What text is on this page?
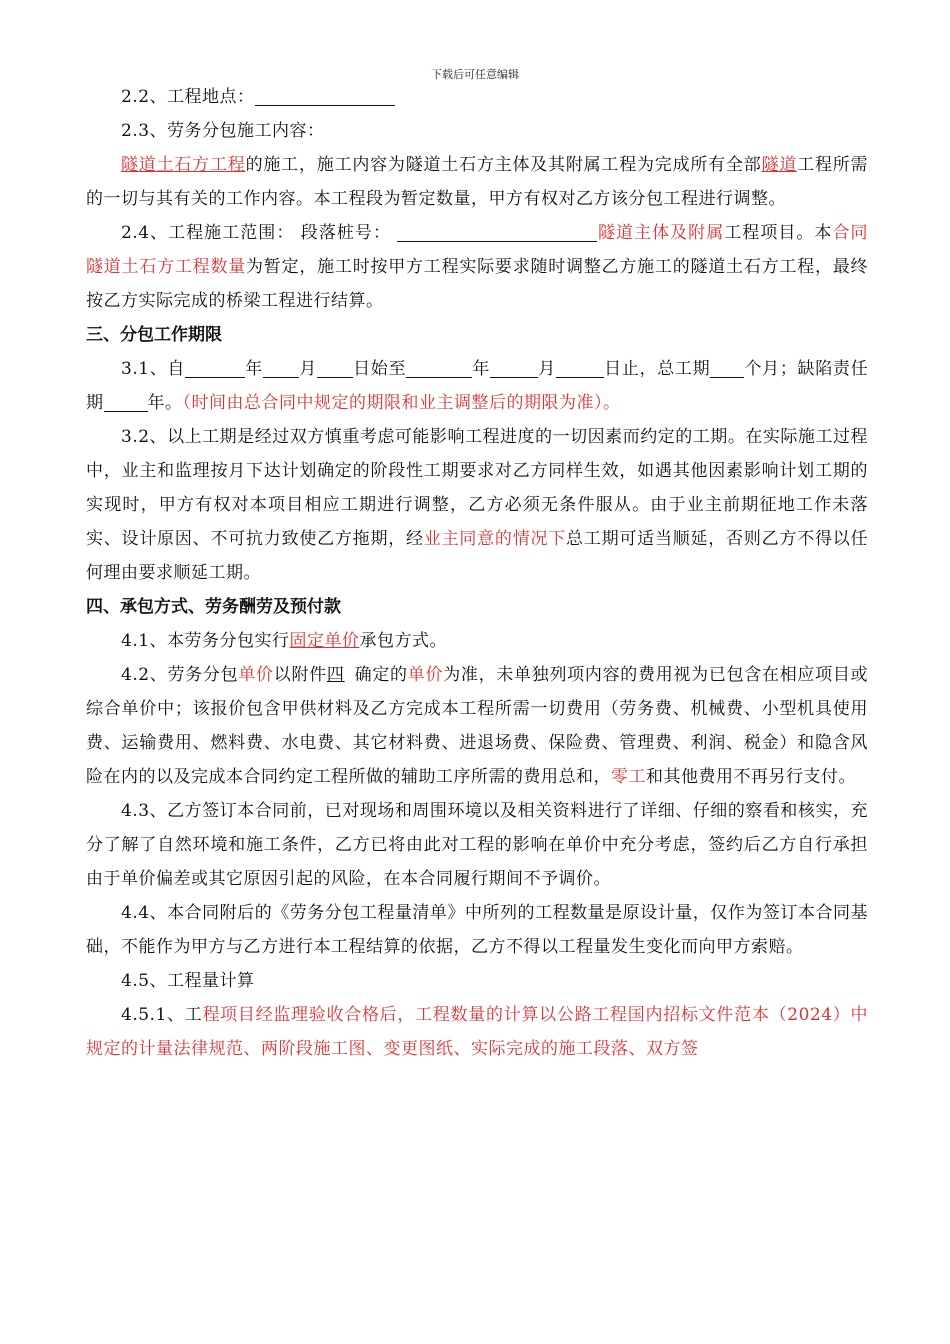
下载后可任意编辑

2.2、工程地点：

2.3、劳务分包施工内容：

隧道土石方工程的施工，施工内容为隧道土石方主体及其附属工程为完成所有全部隧道工程所需的一切与其有关的工作内容。本工程段为暂定数量，甲方有权对乙方该分包工程进行调整。

2.4、工程施工范围： 段落桩号：	隧道主体及附属工程项目。本合同隧道土石方工程数量为暂定，施工时按甲方工程实际要求随时调整乙方施工的隧道土石方工程，最终按乙方实际完成的桥梁工程进行结算。

三、分包工作期限

3.1、自	年 月 日始至	年	月	日止，总工期 个月；缺陷责任期	年。（时间由总合同中规定的期限和业主调整后的期限为准）。

3.2、以上工期是经过双方慎重考虑可能影响工程进度的一切因素而约定的工期。在实际施工过程中，业主和监理按月下达计划确定的阶段性工期要求对乙方同样生效，如遇其他因素影响计划工期的实现时，甲方有权对本项目相应工期进行调整，乙方必须无条件服从。由于业主前期征地工作未落实、设计原因、不可抗力致使乙方拖期，经业主同意的情况下总工期可适当顺延，否则乙方不得以任何理由要求顺延工期。

四、承包方式、劳务酬劳及预付款

4.1、本劳务分包实行固定单价承包方式。

4.2、劳务分包单价以附件四 确定的单价为准，未单独列项内容的费用视为已包含在相应项目或综合单价中；该报价包含甲供材料及乙方完成本工程所需一切费用（劳务费、机械费、小型机具使用费、运输费用、燃料费、水电费、其它材料费、进退场费、保险费、管理费、利润、税金）和隐含风险在内的以及完成本合同约定工程所做的辅助工序所需的费用总和，零工和其他费用不再另行支付。

4.3、乙方签订本合同前，已对现场和周围环境以及相关资料进行了详细、仔细的察看和核实，充分了解了自然环境和施工条件，乙方已将由此对工程的影响在单价中充分考虑，签约后乙方自行承担由于单价偏差或其它原因引起的风险，在本合同履行期间不予调价。

4.4、本合同附后的《劳务分包工程量清单》中所列的工程数量是原设计量，仅作为签订本合同基础，不能作为甲方与乙方进行本工程结算的依据，乙方不得以工程量发生变化而向甲方索赔。

4.5、工程量计算

4.5.1、工程项目经监理验收合格后，工程数量的计算以公路工程国内招标文件范本（2024）中规定的计量法律规范、两阶段施工图、变更图纸、实际完成的施工段落、双方签
